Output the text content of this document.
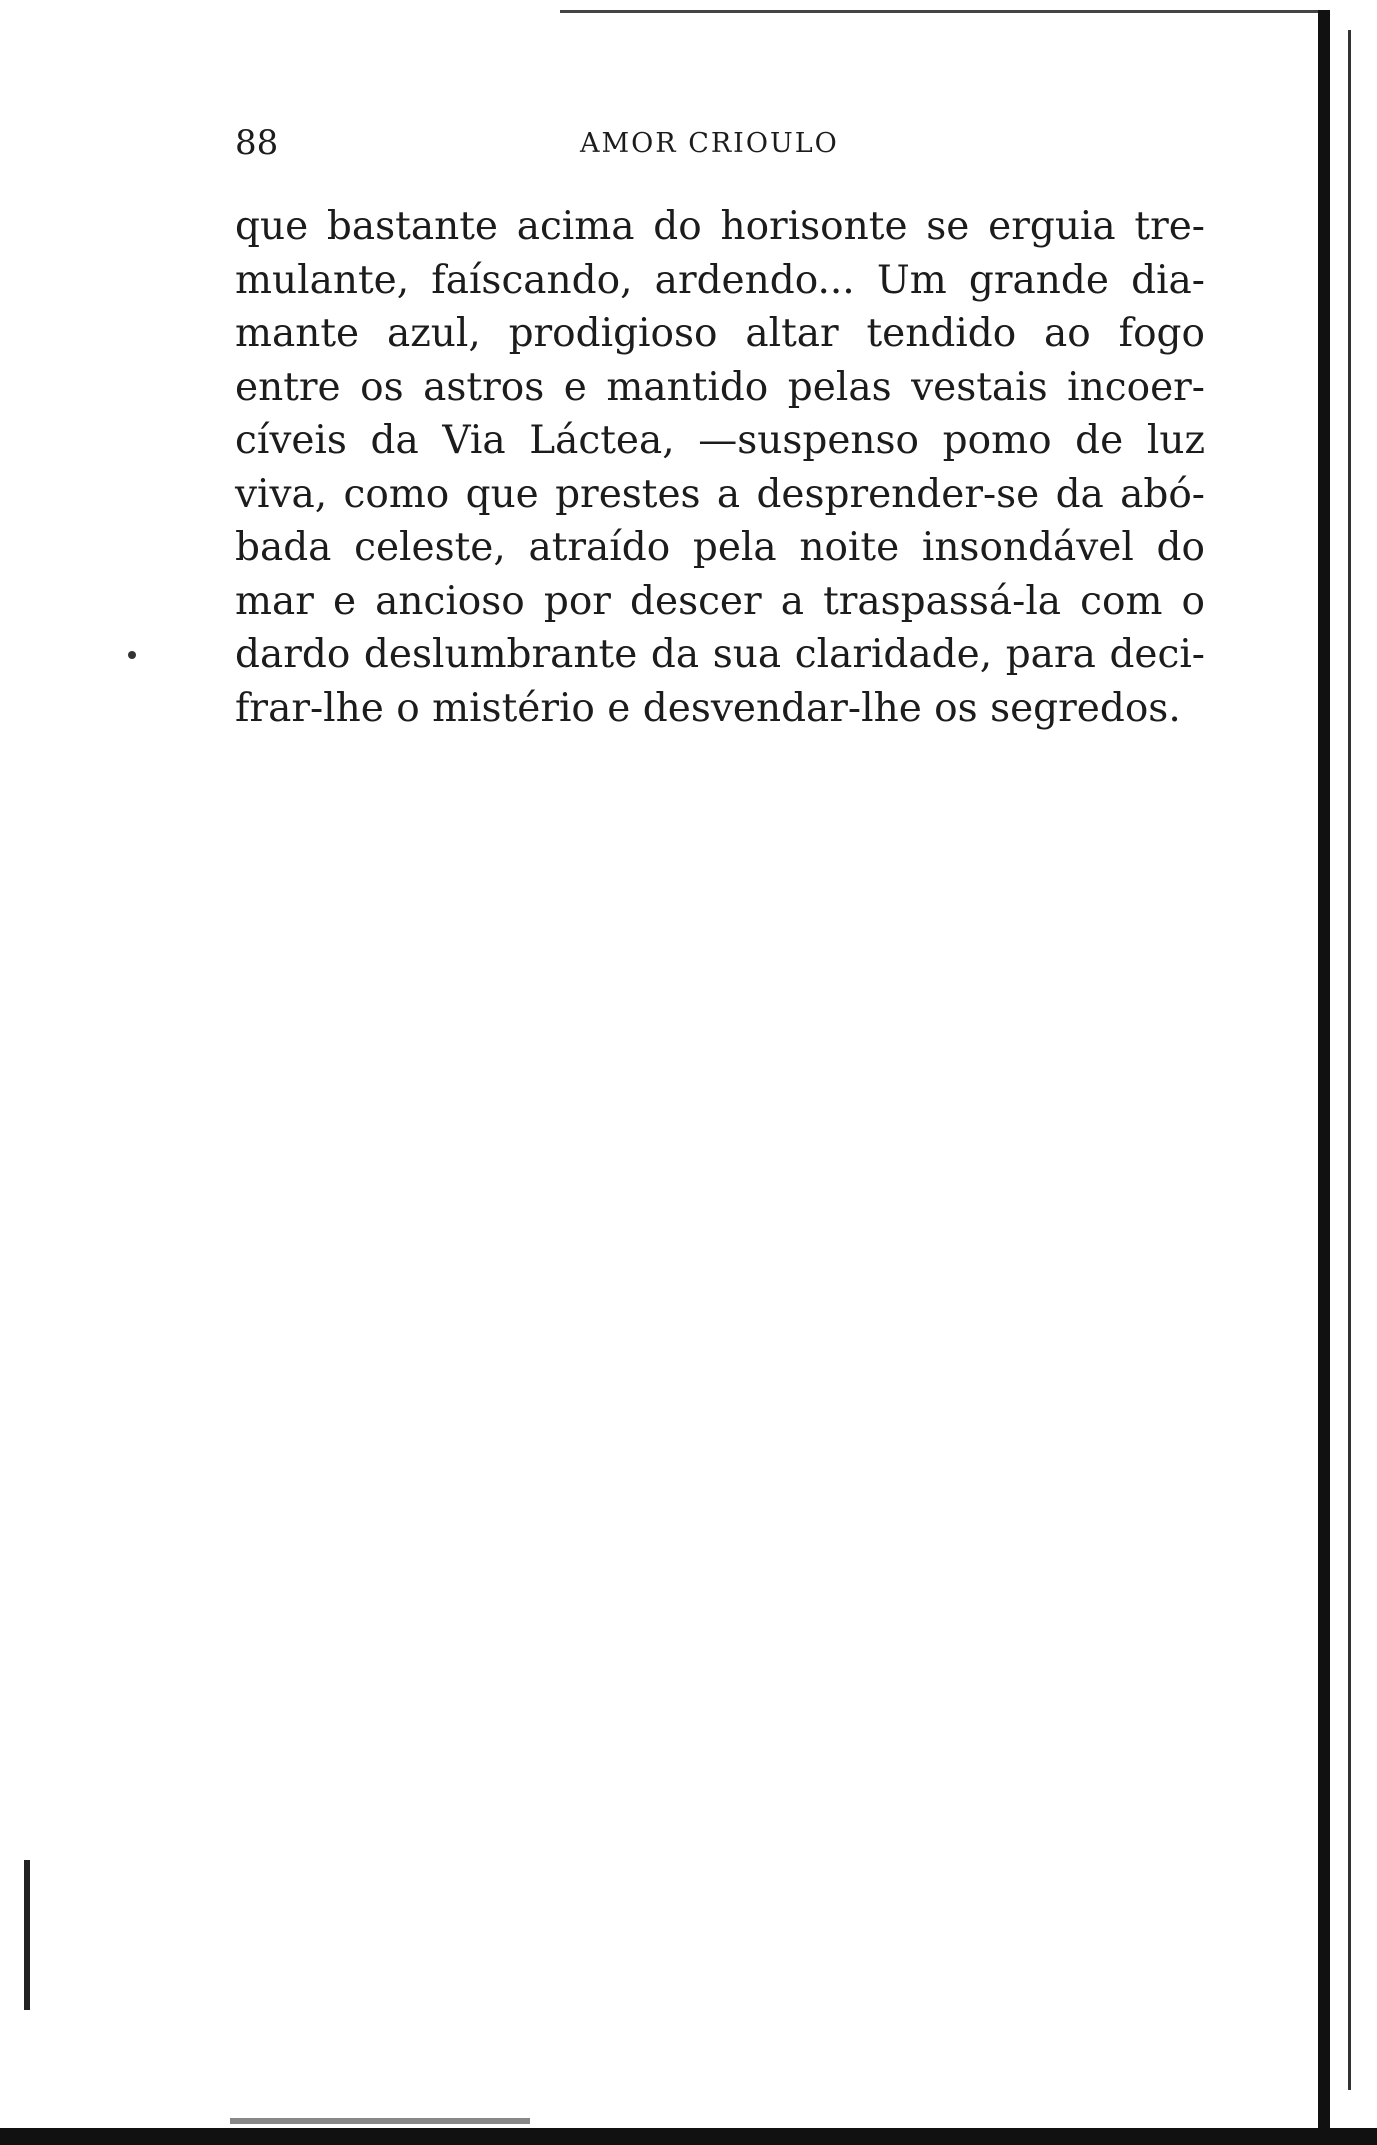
88	AMOR CRIOULO
que bastante acima do horisonte se erguia tre-
mulante, faíscando, ardendo... Um grande dia-
mante azul, prodigioso altar tendido ao fogo
entre os astros e mantido pelas vestais incoer-
cíveis da Via Láctea, —suspenso pomo de luz
viva, como que prestes a desprender-se da abó-
bada celeste, atraído pela noite insondável do
mar e ancioso por descer a traspassá-la com o
dardo deslumbrante da sua claridade, para deci-
frar-lhe o mistério e desvendar-lhe os segredos.
